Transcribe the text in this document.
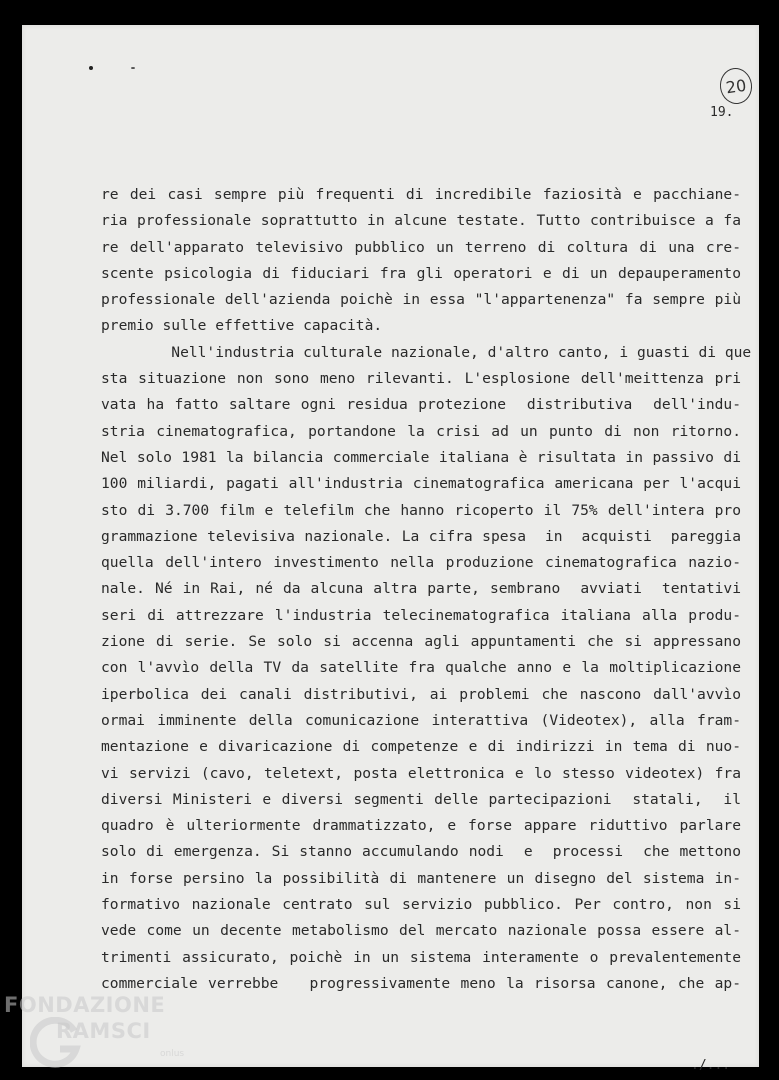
20
19.
re dei casi sempre più frequenti di incredibile faziosità e pacchiane-
ria professionale soprattutto in alcune testate. Tutto contribuisce a fa
re dell'apparato televisivo pubblico un terreno di coltura di una cre-
scente psicologia di fiduciari fra gli operatori e di un depauperamento
professionale dell'azienda poichè in essa "l'appartenenza" fa sempre più
premio sulle effettive capacità.
Nell'industria culturale nazionale, d'altro canto, i guasti di que
sta situazione non sono meno rilevanti. L'esplosione dell'meittenza pri
vata ha fatto saltare ogni residua protezione  distributiva  dell'indu-
stria cinematografica, portandone la crisi ad un punto di non ritorno.
Nel solo 1981 la bilancia commerciale italiana è risultata in passivo di
100 miliardi, pagati all'industria cinematografica americana per l'acqui
sto di 3.700 film e telefilm che hanno ricoperto il 75% dell'intera pro
grammazione televisiva nazionale. La cifra spesa  in  acquisti  pareggia
quella dell'intero investimento nella produzione cinematografica nazio-
nale. Né in Rai, né da alcuna altra parte, sembrano  avviati  tentativi
seri di attrezzare l'industria telecinematografica italiana alla produ-
zione di serie. Se solo si accenna agli appuntamenti che si appressano
con l'avvìo della TV da satellite fra qualche anno e la moltiplicazione
iperbolica dei canali distributivi, ai problemi che nascono dall'avvìo
ormai imminente della comunicazione interattiva (Videotex), alla fram-
mentazione e divaricazione di competenze e di indirizzi in tema di nuo-
vi servizi (cavo, teletext, posta elettronica e lo stesso videotex) fra
diversi Ministeri e diversi segmenti delle partecipazioni  statali,  il
quadro è ulteriormente drammatizzato, e forse appare riduttivo parlare
solo di emergenza. Si stanno accumulando nodi  e  processi  che mettono
in forse persino la possibilità di mantenere un disegno del sistema in-
formativo nazionale centrato sul servizio pubblico. Per contro, non si
vede come un decente metabolismo del mercato nazionale possa essere al-
trimenti assicurato, poichè in un sistema interamente o prevalentemente
commerciale verrebbe   progressivamente meno la risorsa canone, che ap-
./...
FONDAZIONE
RAMSCI
onlus
